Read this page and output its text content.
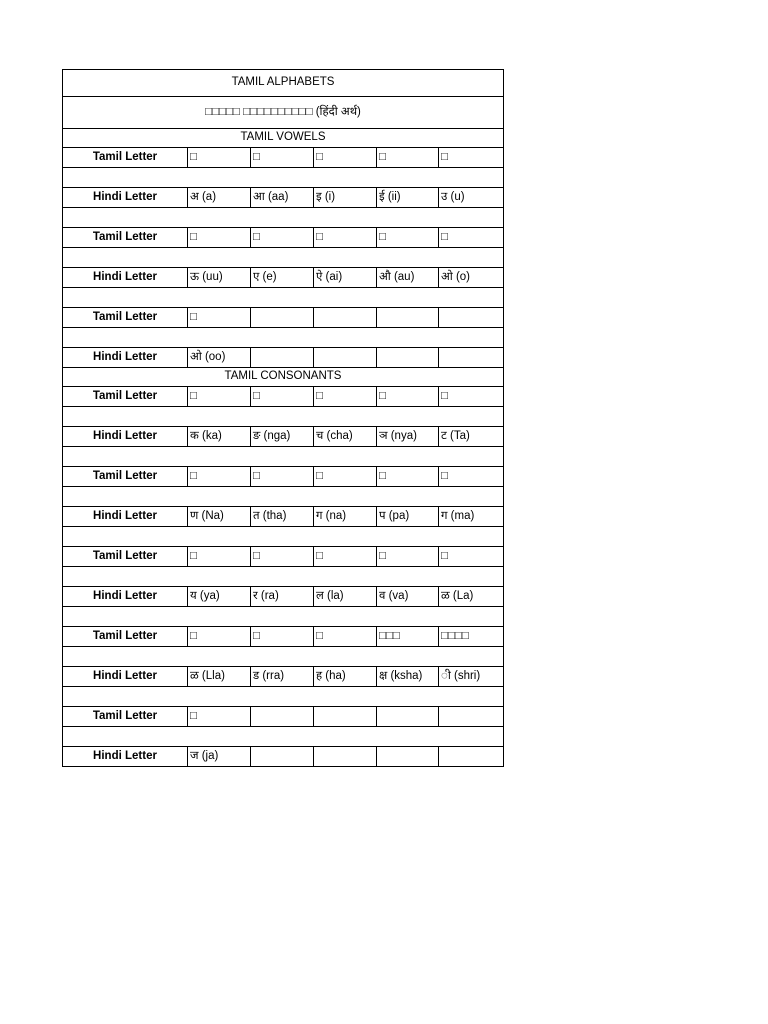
TAMIL ALPHABETS					
□□□□□ □□□□□□□□□□ (हिंदी अर्थ)					
TAMIL VOWELS					
Tamil Letter	□	□	□	□	□

Hindi Letter	अ (a)	आ (aa)	इ (i)	ई (ii)	उ (u)

Tamil Letter	□	□	□	□	□

Hindi Letter	ऊ (uu)	ए (e)	ऐ (ai)	औ (au)	ओ (o)

Tamil Letter	□				

Hindi Letter	ओ (oo)				
TAMIL CONSONANTS					
Tamil Letter	□	□	□	□	□

Hindi Letter	क (ka)	ङ (nga)	च (cha)	ञ (nya)	ट (Ta)

Tamil Letter	□	□	□	□	□

Hindi Letter	ण (Na)	त (tha)	ग (na)	प (pa)	ग (ma)

Tamil Letter	□	□	□	□	□

Hindi Letter	य (ya)	र (ra)	ल (la)	व (va)	ळ (La)

Tamil Letter	□	□	□	□□□	□□□□

Hindi Letter	ळ (Lla)	ड (rra)	ह (ha)	क्ष (ksha)	ी (shri)

Tamil Letter	□				

Hindi Letter	ज (ja)				
